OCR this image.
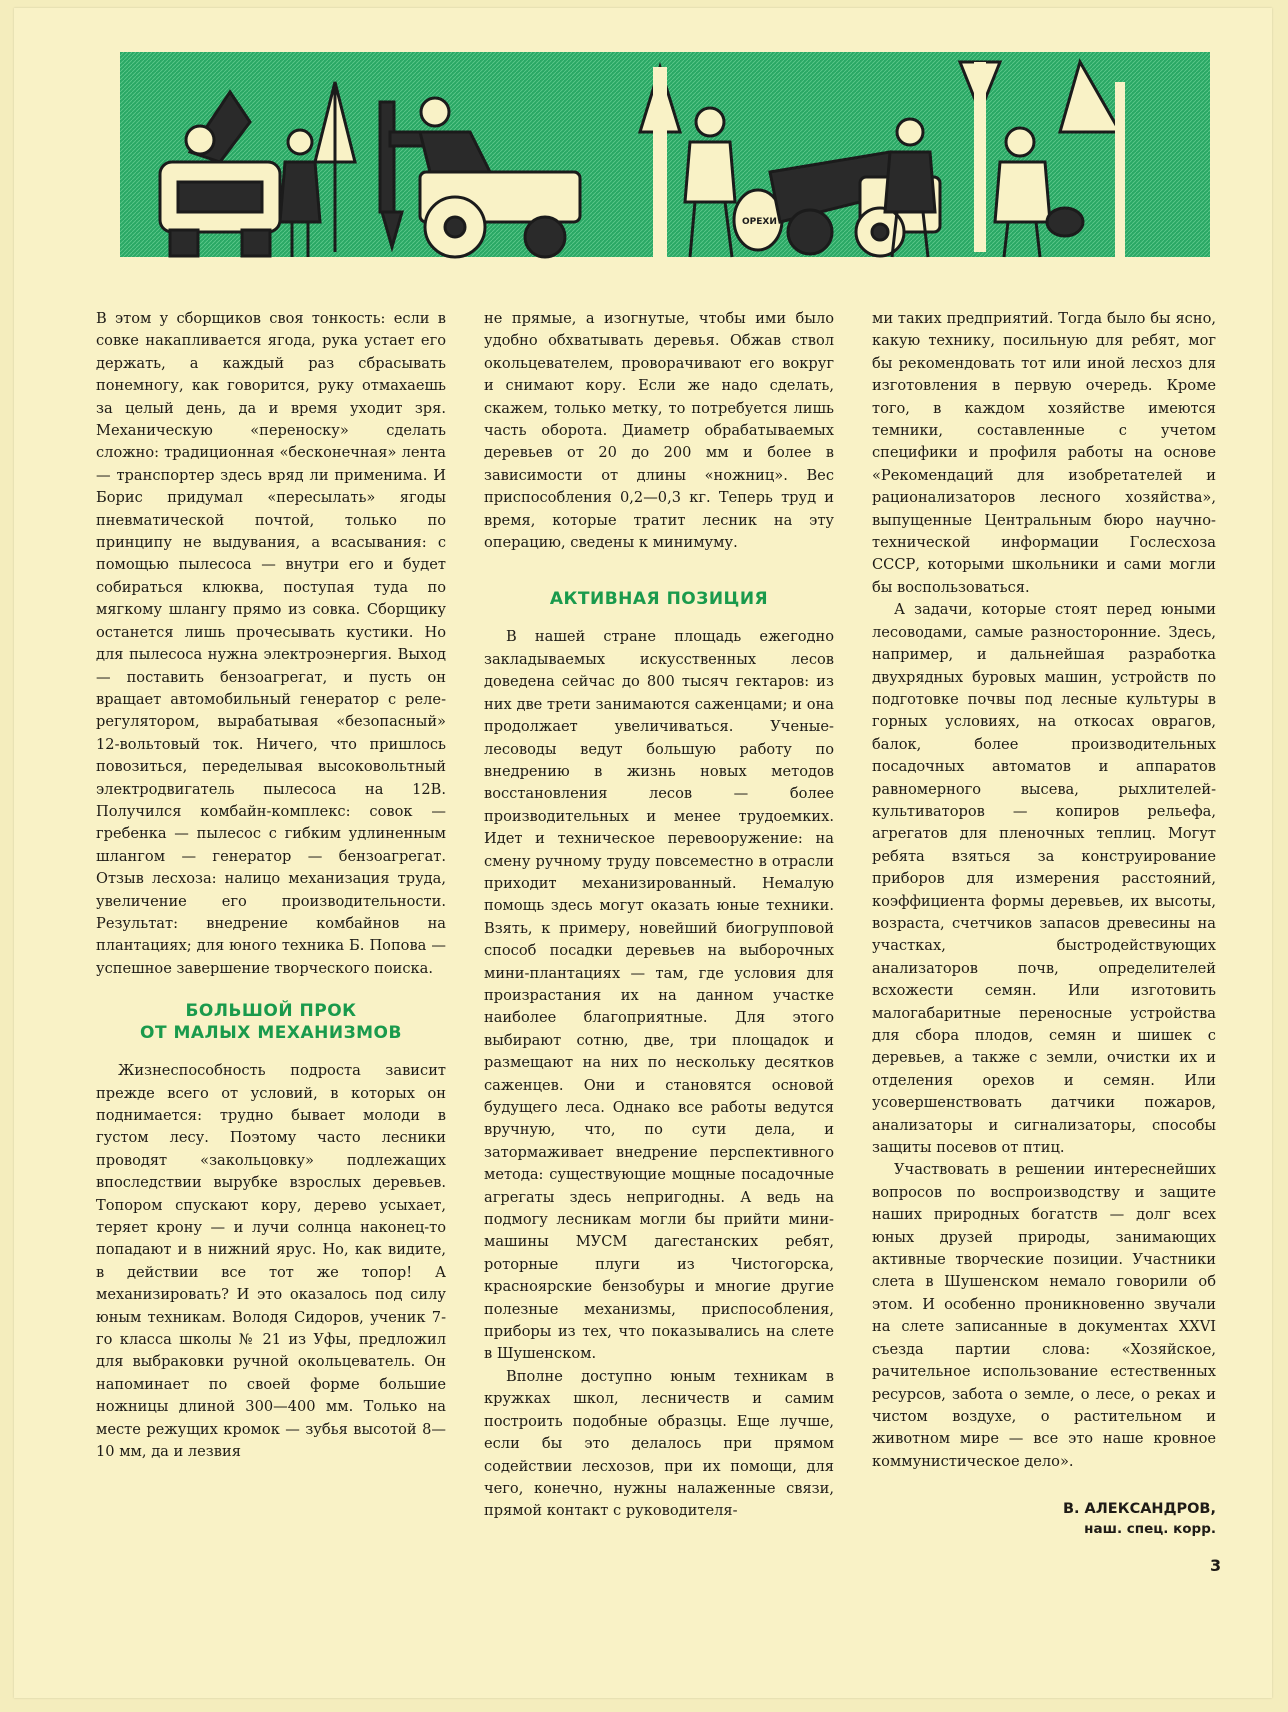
ОРЕХИ

В этом у сборщиков своя тонкость: если в совке накапливается ягода, рука устает его держать, а каждый раз сбрасывать понемногу, как говорится, руку отмахаешь за целый день, да и время уходит зря. Механическую «переноску» сделать сложно: традиционная «бесконечная» лента — транспортер здесь вряд ли применима. И Борис придумал «пересылать» ягоды пневматической почтой, только по принципу не выдувания, а всасывания: с помощью пылесоса — внутри его и будет собираться клюква, поступая туда по мягкому шлангу прямо из совка. Сборщику останется лишь прочесывать кустики. Но для пылесоса нужна электроэнергия. Выход — поставить бензоагрегат, и пусть он вращает автомобильный генератор с реле-регулятором, вырабатывая «безопасный» 12-вольтовый ток. Ничего, что пришлось повозиться, переделывая высоковольтный электродвигатель пылесоса на 12В. Получился комбайн-комплекс: совок — гребенка — пылесос с гибким удлиненным шлангом — генератор — бензоагрегат. Отзыв лесхоза: налицо механизация труда, увеличение его производительности. Результат: внедрение комбайнов на плантациях; для юного техника Б. Попова — успешное завершение творческого поиска.

БОЛЬШОЙ ПРОК
ОТ МАЛЫХ МЕХАНИЗМОВ

Жизнеспособность подроста зависит прежде всего от условий, в которых он поднимается: трудно бывает молоди в густом лесу. Поэтому часто лесники проводят «закольцовку» подлежащих впоследствии вырубке взрослых деревьев. Топором спускают кору, дерево усыхает, теряет крону — и лучи солнца наконец-то попадают и в нижний ярус. Но, как видите, в действии все тот же топор! А механизировать? И это оказалось под силу юным техникам. Володя Сидоров, ученик 7-го класса школы № 21 из Уфы, предложил для выбраковки ручной окольцеватель. Он напоминает по своей форме большие ножницы длиной 300—400 мм. Только на месте режущих кромок — зубья высотой 8—10 мм, да и лезвия

не прямые, а изогнутые, чтобы ими было удобно обхватывать деревья. Обжав ствол окольцевателем, проворачивают его вокруг и снимают кору. Если же надо сделать, скажем, только метку, то потребуется лишь часть оборота. Диаметр обрабатываемых деревьев от 20 до 200 мм и более в зависимости от длины «ножниц». Вес приспособления 0,2—0,3 кг. Теперь труд и время, которые тратит лесник на эту операцию, сведены к минимуму.

АКТИВНАЯ ПОЗИЦИЯ

В нашей стране площадь ежегодно закладываемых искусственных лесов доведена сейчас до 800 тысяч гектаров: из них две трети занимаются саженцами; и она продолжает увеличиваться. Ученые-лесоводы ведут большую работу по внедрению в жизнь новых методов восстановления лесов — более производительных и менее трудоемких. Идет и техническое перевооружение: на смену ручному труду повсеместно в отрасли приходит механизированный. Немалую помощь здесь могут оказать юные техники. Взять, к примеру, новейший биогрупповой способ посадки деревьев на выборочных мини-плантациях — там, где условия для произрастания их на данном участке наиболее благоприятные. Для этого выбирают сотню, две, три площадок и размещают на них по нескольку десятков саженцев. Они и становятся основой будущего леса. Однако все работы ведутся вручную, что, по сути дела, и затормаживает внедрение перспективного метода: существующие мощные посадочные агрегаты здесь непригодны. А ведь на подмогу лесникам могли бы прийти мини-машины МУСМ дагестанских ребят, роторные плуги из Чистогорска, красноярские бензобуры и многие другие полезные механизмы, приспособления, приборы из тех, что показывались на слете в Шушенском.

Вполне доступно юным техникам в кружках школ, лесничеств и самим построить подобные образцы. Еще лучше, если бы это делалось при прямом содействии лесхозов, при их помощи, для чего, конечно, нужны налаженные связи, прямой контакт с руководителя-

ми таких предприятий. Тогда было бы ясно, какую технику, посильную для ребят, мог бы рекомендовать тот или иной лесхоз для изготовления в первую очередь. Кроме того, в каждом хозяйстве имеются темники, составленные с учетом специфики и профиля работы на основе «Рекомендаций для изобретателей и рационализаторов лесного хозяйства», выпущенные Центральным бюро научно-технической информации Гослесхоза СССР, которыми школьники и сами могли бы воспользоваться.

А задачи, которые стоят перед юными лесоводами, самые разносторонние. Здесь, например, и дальнейшая разработка двухрядных буровых машин, устройств по подготовке почвы под лесные культуры в горных условиях, на откосах оврагов, балок, более производительных посадочных автоматов и аппаратов равномерного высева, рыхлителей-культиваторов — копиров рельефа, агрегатов для пленочных теплиц. Могут ребята взяться за конструирование приборов для измерения расстояний, коэффициента формы деревьев, их высоты, возраста, счетчиков запасов древесины на участках, быстродействующих анализаторов почв, определителей всхожести семян. Или изготовить малогабаритные переносные устройства для сбора плодов, семян и шишек с деревьев, а также с земли, очистки их и отделения орехов и семян. Или усовершенствовать датчики пожаров, анализаторы и сигнализаторы, способы защиты посевов от птиц.

Участвовать в решении интереснейших вопросов по воспроизводству и защите наших природных богатств — долг всех юных друзей природы, занимающих активные творческие позиции. Участники слета в Шушенском немало говорили об этом. И особенно проникновенно звучали на слете записанные в документах XXVI съезда партии слова: «Хозяйское, рачительное использование естественных ресурсов, забота о земле, о лесе, о реках и чистом воздухе, о растительном и животном мире — все это наше кровное коммунистическое дело».

В. АЛЕКСАНДРОВ,
наш. спец. корр.
3
